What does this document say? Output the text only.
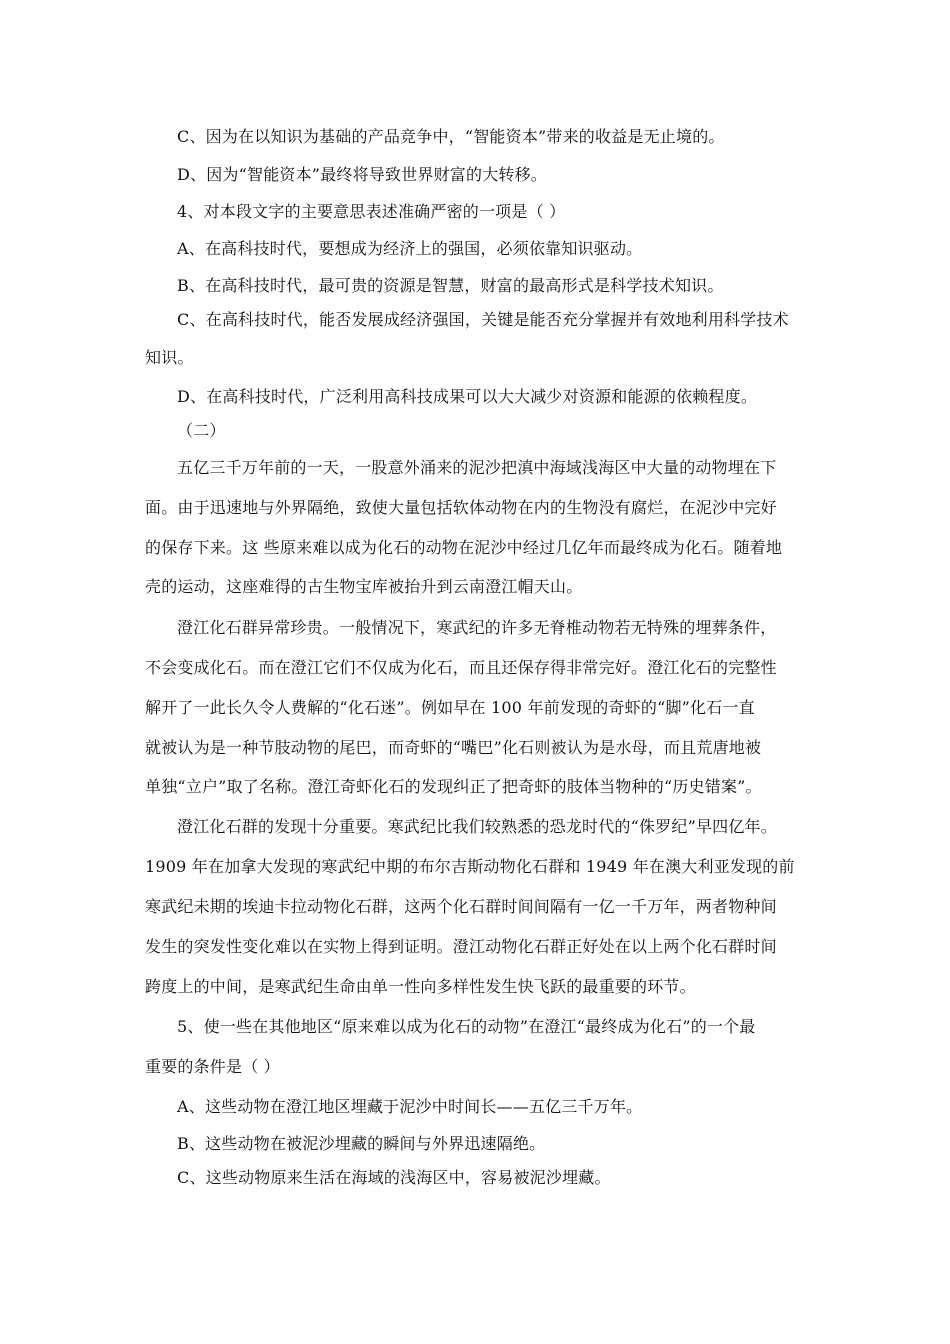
C、因为在以知识为基础的产品竞争中，“智能资本”带来的收益是无止境的。
D、因为“智能资本”最终将导致世界财富的大转移。
4、对本段文字的主要意思表述准确严密的一项是（ ）
A、在高科技时代，要想成为经济上的强国，必须依靠知识驱动。
B、在高科技时代，最可贵的资源是智慧，财富的最高形式是科学技术知识。
C、在高科技时代，能否发展成经济强国，关键是能否充分掌握并有效地利用科学技术
知识。
D、在高科技时代，广泛利用高科技成果可以大大减少对资源和能源的依赖程度。
（二）
五亿三千万年前的一天，一股意外涌来的泥沙把滇中海域浅海区中大量的动物埋在下
面。由于迅速地与外界隔绝，致使大量包括软体动物在内的生物没有腐烂，在泥沙中完好
的保存下来。这 些原来难以成为化石的动物在泥沙中经过几亿年而最终成为化石。随着地
壳的运动，这座难得的古生物宝库被抬升到云南澄江帽天山。
澄江化石群异常珍贵。一般情况下，寒武纪的许多无脊椎动物若无特殊的埋葬条件，
不会变成化石。而在澄江它们不仅成为化石，而且还保存得非常完好。澄江化石的完整性
解开了一此长久令人费解的“化石迷”。例如早在 100 年前发现的奇虾的“脚”化石一直
就被认为是一种节肢动物的尾巴，而奇虾的“嘴巴”化石则被认为是水母，而且荒唐地被
单独“立户”取了名称。澄江奇虾化石的发现纠正了把奇虾的肢体当物种的“历史错案”。
澄江化石群的发现十分重要。寒武纪比我们较熟悉的恐龙时代的“侏罗纪”早四亿年。
1909 年在加拿大发现的寒武纪中期的布尔吉斯动物化石群和 1949 年在澳大利亚发现的前
寒武纪未期的埃迪卡拉动物化石群，这两个化石群时间间隔有一亿一千万年，两者物种间
发生的突发性变化难以在实物上得到证明。澄江动物化石群正好处在以上两个化石群时间
跨度上的中间，是寒武纪生命由单一性向多样性发生快飞跃的最重要的环节。
5、使一些在其他地区“原来难以成为化石的动物”在澄江“最终成为化石”的一个最
重要的条件是（ ）
A、这些动物在澄江地区埋藏于泥沙中时间长——五亿三千万年。
B、这些动物在被泥沙埋藏的瞬间与外界迅速隔绝。
C、这些动物原来生活在海域的浅海区中，容易被泥沙埋藏。
